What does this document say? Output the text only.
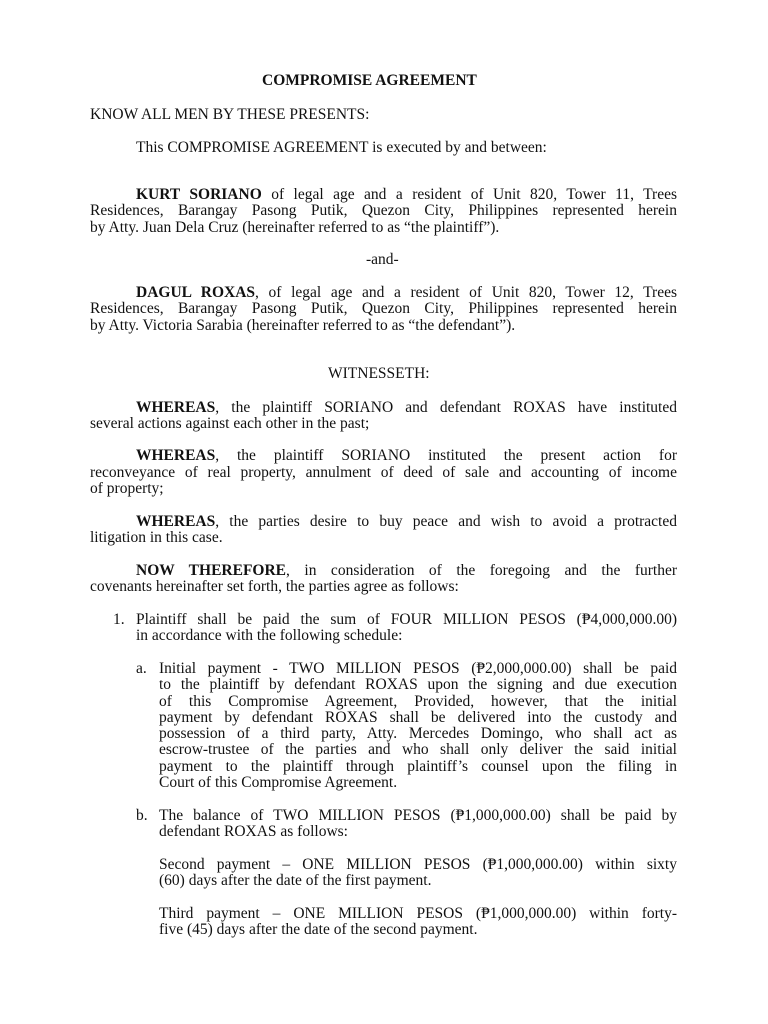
COMPROMISE AGREEMENT
KNOW ALL MEN BY THESE PRESENTS:
This COMPROMISE AGREEMENT is executed by and between:
KURT SORIANO of legal age and a resident of Unit 820, Tower 11, Trees
Residences, Barangay Pasong Putik, Quezon City, Philippines represented herein
by Atty. Juan Dela Cruz (hereinafter referred to as “the plaintiff”).
-and-
DAGUL ROXAS, of legal age and a resident of Unit 820, Tower 12, Trees
Residences, Barangay Pasong Putik, Quezon City, Philippines represented herein
by Atty. Victoria Sarabia (hereinafter referred to as “the defendant”).
WITNESSETH:
WHEREAS, the plaintiff SORIANO and defendant ROXAS have instituted
several actions against each other in the past;
WHEREAS, the plaintiff SORIANO instituted the present action for
reconveyance of real property, annulment of deed of sale and accounting of income
of property;
WHEREAS, the parties desire to buy peace and wish to avoid a protracted
litigation in this case.
NOW THEREFORE, in consideration of the foregoing and the further
covenants hereinafter set forth, the parties agree as follows:
1. Plaintiff shall be paid the sum of FOUR MILLION PESOS (₱4,000,000.00)
in accordance with the following schedule:
a. Initial payment - TWO MILLION PESOS (₱2,000,000.00) shall be paid
to the plaintiff by defendant ROXAS upon the signing and due execution
of this Compromise Agreement, Provided, however, that the initial
payment by defendant ROXAS shall be delivered into the custody and
possession of a third party, Atty. Mercedes Domingo, who shall act as
escrow-trustee of the parties and who shall only deliver the said initial
payment to the plaintiff through plaintiff’s counsel upon the filing in
Court of this Compromise Agreement.
b. The balance of TWO MILLION PESOS (₱1,000,000.00) shall be paid by
defendant ROXAS as follows:
Second payment – ONE MILLION PESOS (₱1,000,000.00) within sixty
(60) days after the date of the first payment.
Third payment – ONE MILLION PESOS (₱1,000,000.00) within forty-
five (45) days after the date of the second payment.
